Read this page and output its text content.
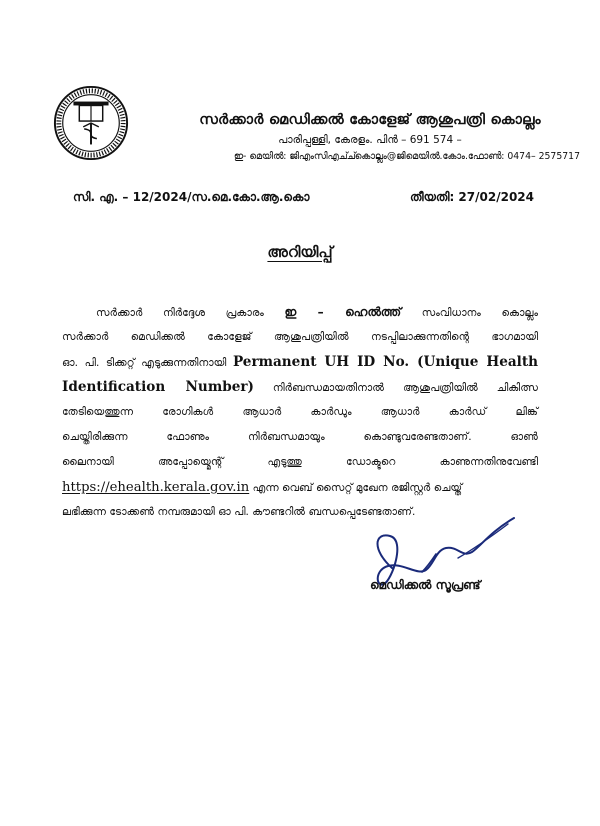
സർക്കാർ മെഡിക്കൽ കോളേജ് ആശുപത്രി കൊല്ലം
പാരിപ്പള്ളി, കേരളം. പിന്‍ – 691 574 –
ഇ- മെയിൽ: ജിഎംസിഎച്ച്കൊല്ലം@ജിമെയിൽ.കോം.ഫോൺ: 0474– 2575717
സി. എ. – 12/2024/സ.മെ.കോ.ആ.കൊ	തീയതി: 27/02/2024
അറിയിപ്പ്
സർക്കാർ നിർദ്ദേശ പ്രകാരം ഇ – ഹെൽത്ത് സംവിധാനം കൊല്ലം
സർക്കാർ മെഡിക്കൽ കോളേജ് ആശുപത്രിയിൽ നടപ്പിലാക്കുന്നതിന്റെ ഭാഗമായി
ഓ. പി. ടിക്കറ്റ് എടുക്കുന്നതിനായി Permanent UH ID No. (Unique Health
Identification Number) നിർബന്ധമായതിനാൽ ആശുപത്രിയിൽ ചികിത്സ
തേടിയെത്തുന്ന രോഗികൾ ആധാർ കാർഡും ആധാർ കാർഡ് ലിങ്ക്
ചെയ്തിരിക്കുന്ന ഫോണും നിർബന്ധമായും കൊണ്ടുവരേണ്ടതാണ്. ഓൺ
ലൈനായി അപ്പോയ്മെന്റ് എടുത്തു ഡോക്ടറെ കാണുന്നതിനുവേണ്ടി
https://ehealth.kerala.gov.in എന്ന വെബ് സൈറ്റ് മുഖേന രജിസ്റ്റർ ചെയ്ത്
ലഭിക്കുന്ന ടോക്കൺ നമ്പരുമായി ഓ പി. കൗണ്ടറിൽ ബന്ധപ്പെടേണ്ടതാണ്.
മെഡിക്കൽ സൂപ്രണ്ട്
